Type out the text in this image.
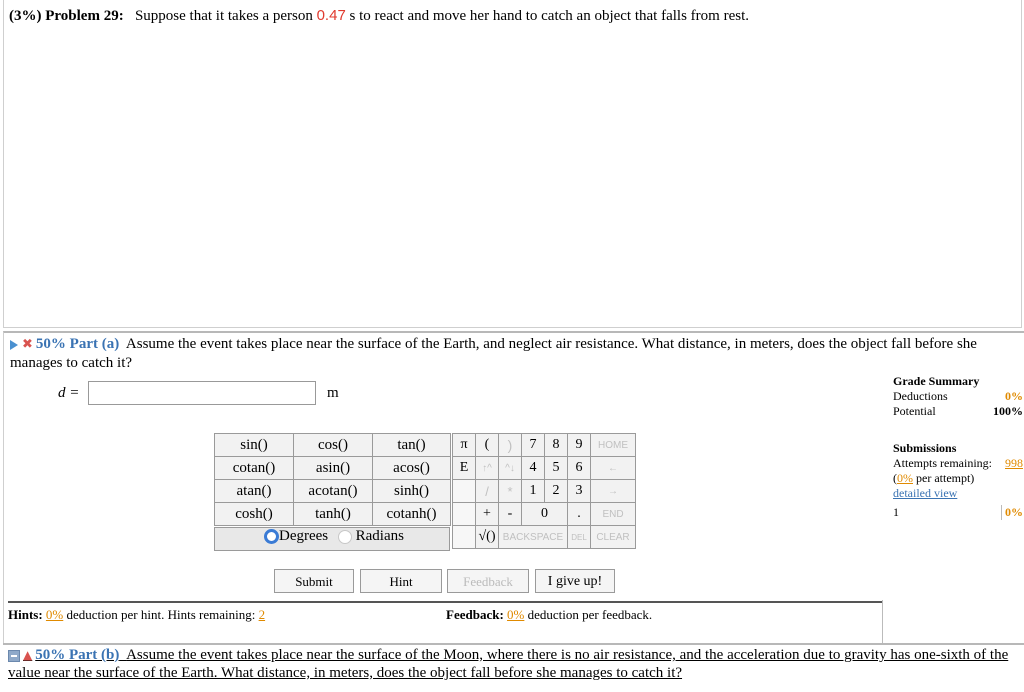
(3%) Problem 29: Suppose that it takes a person 0.47 s to react and move her hand to catch an object that falls from rest.
✖ 50% Part (a) Assume the event takes place near the surface of the Earth, and neglect air resistance. What distance, in meters, does the object fall before she manages to catch it?
d =	m
sin()	cos()	tan()
cotan()	asin()	acos()
atan()	acotan()	sinh()
cosh()	tanh()	cotanh()
Degrees Radians
π	(	)	7	8	9	HOME
E	↑^	^↓	4	5	6	←
	/	*	1	2	3	→
	+	-	0		.	END
	√()	BACKSPACE			DEL	CLEAR
Submit	Hint	Feedback	I give up!
Hints: 0% deduction per hint. Hints remaining: 2	Feedback: 0% deduction per feedback.
Grade Summary
Deductions	0%
Potential	100%
Submissions
Attempts remaining: 998
(0% per attempt)
detailed view
1	0%
▲ 50% Part (b) Assume the event takes place near the surface of the Moon, where there is no air resistance, and the acceleration due to gravity has one-sixth of the value near the surface of the Earth. What distance, in meters, does the object fall before she manages to catch it?
